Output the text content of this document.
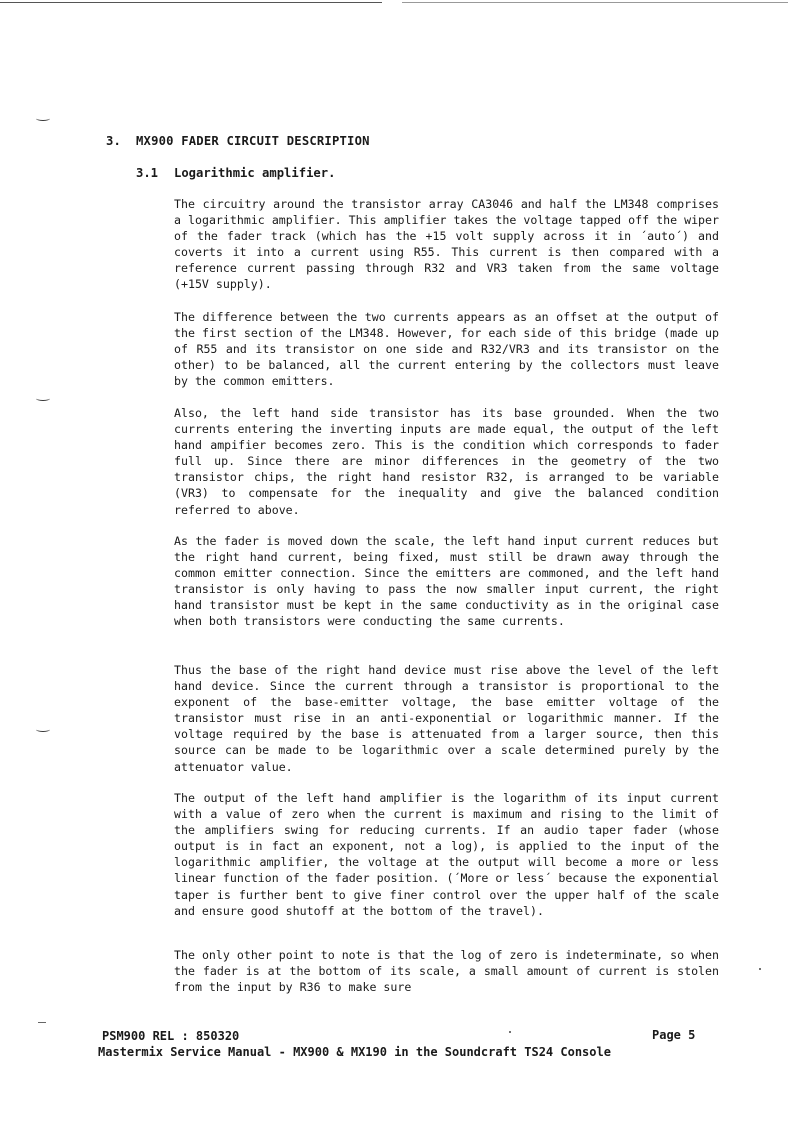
3. MX900 FADER CIRCUIT DESCRIPTION
3.1 Logarithmic amplifier.

The circuitry around the transistor array CA3046 and half the LM348 comprises a logarithmic amplifier. This amplifier takes the voltage tapped off the wiper of the fader track (which has the +15 volt supply across it in ´auto´) and coverts it into a current using R55. This current is then compared with a reference current passing through R32 and VR3 taken from the same voltage (+15V supply).

The difference between the two currents appears as an offset at the output of the first section of the LM348. However, for each side of this bridge (made up of R55 and its transistor on one side and R32/VR3 and its transistor on the other) to be balanced, all the current entering by the collectors must leave by the common emitters.

Also, the left hand side transistor has its base grounded. When the two currents entering the inverting inputs are made equal, the output of the left hand ampifier becomes zero. This is the condition which corresponds to fader full up. Since there are minor differences in the geometry of the two transistor chips, the right hand resistor R32, is arranged to be variable (VR3) to compensate for the inequality and give the balanced condition referred to above.

As the fader is moved down the scale, the left hand input current reduces but the right hand current, being fixed, must still be drawn away through the common emitter connection. Since the emitters are commoned, and the left hand transistor is only having to pass the now smaller input current, the right hand transistor must be kept in the same conductivity as in the original case when both transistors were conducting the same currents.

Thus the base of the right hand device must rise above the level of the left hand device. Since the current through a transistor is proportional to the exponent of the base-emitter voltage, the base emitter voltage of the transistor must rise in an anti-exponential or logarithmic manner. If the voltage required by the base is attenuated from a larger source, then this source can be made to be logarithmic over a scale determined purely by the attenuator value.

The output of the left hand amplifier is the logarithm of its input current with a value of zero when the current is maximum and rising to the limit of the amplifiers swing for reducing currents. If an audio taper fader (whose output is in fact an exponent, not a log), is applied to the input of the logarithmic amplifier, the voltage at the output will become a more or less linear function of the fader position. (´More or less´ because the exponential taper is further bent to give finer control over the upper half of the scale and ensure good shutoff at the bottom of the travel).

The only other point to note is that the log of zero is indeterminate, so when the fader is at the bottom of its scale, a small amount of current is stolen from the input by R36 to make sure

PSM900 REL : 850320	Page 5
Mastermix Service Manual - MX900 & MX190 in the Soundcraft TS24 Console
